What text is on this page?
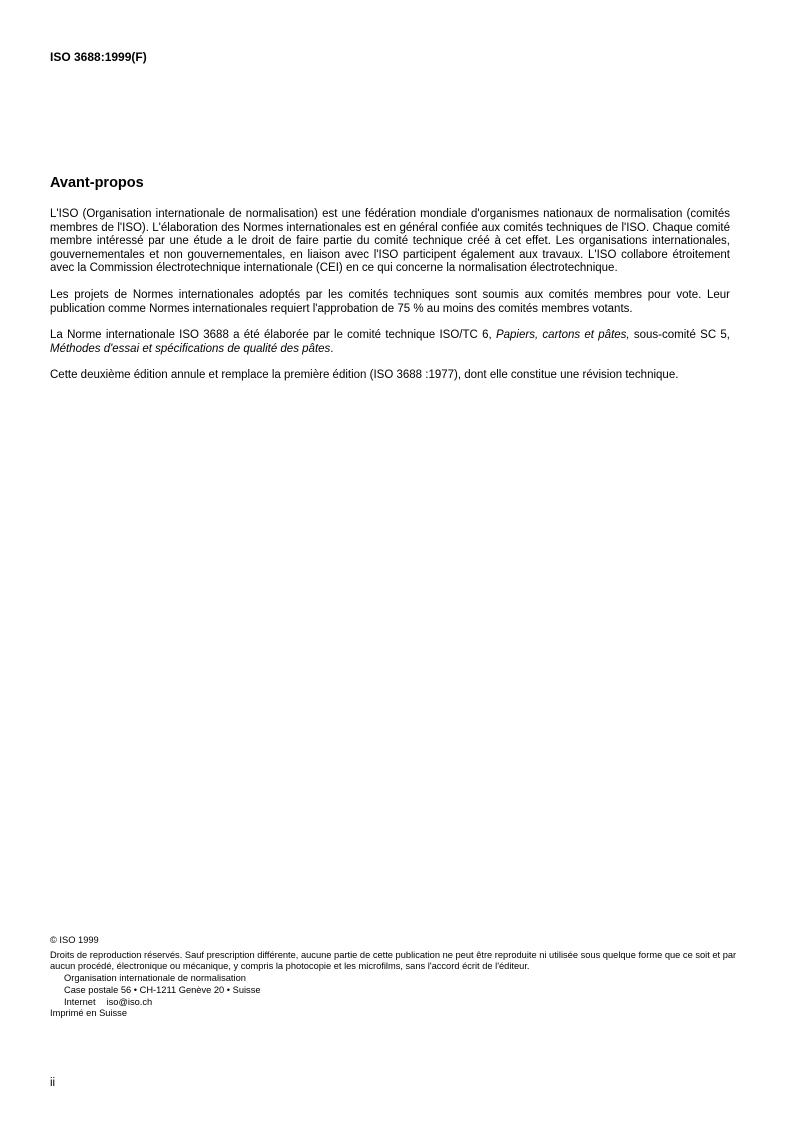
ISO 3688:1999(F)

Avant-propos

L'ISO (Organisation internationale de normalisation) est une fédération mondiale d'organismes nationaux de normalisation (comités membres de l'ISO). L'élaboration des Normes internationales est en général confiée aux comités techniques de l'ISO. Chaque comité membre intéressé par une étude a le droit de faire partie du comité technique créé à cet effet. Les organisations internationales, gouvernementales et non gouvernementales, en liaison avec l'ISO participent également aux travaux. L'ISO collabore étroitement avec la Commission électrotechnique internationale (CEI) en ce qui concerne la normalisation électrotechnique.

Les projets de Normes internationales adoptés par les comités techniques sont soumis aux comités membres pour vote. Leur publication comme Normes internationales requiert l'approbation de 75 % au moins des comités membres votants.

La Norme internationale ISO 3688 a été élaborée par le comité technique ISO/TC 6, Papiers, cartons et pâtes, sous-comité SC 5, Méthodes d'essai et spécifications de qualité des pâtes.

Cette deuxième édition annule et remplace la première édition (ISO 3688 :1977), dont elle constitue une révision technique.

© ISO 1999

Droits de reproduction réservés. Sauf prescription différente, aucune partie de cette publication ne peut être reproduite ni utilisée sous quelque forme que ce soit et par aucun procédé, électronique ou mécanique, y compris la photocopie et les microfilms, sans l'accord écrit de l'éditeur.

Organisation internationale de normalisation

Case postale 56 • CH-1211 Genève 20 • Suisse

Internet iso@iso.ch

Imprimé en Suisse

ii
